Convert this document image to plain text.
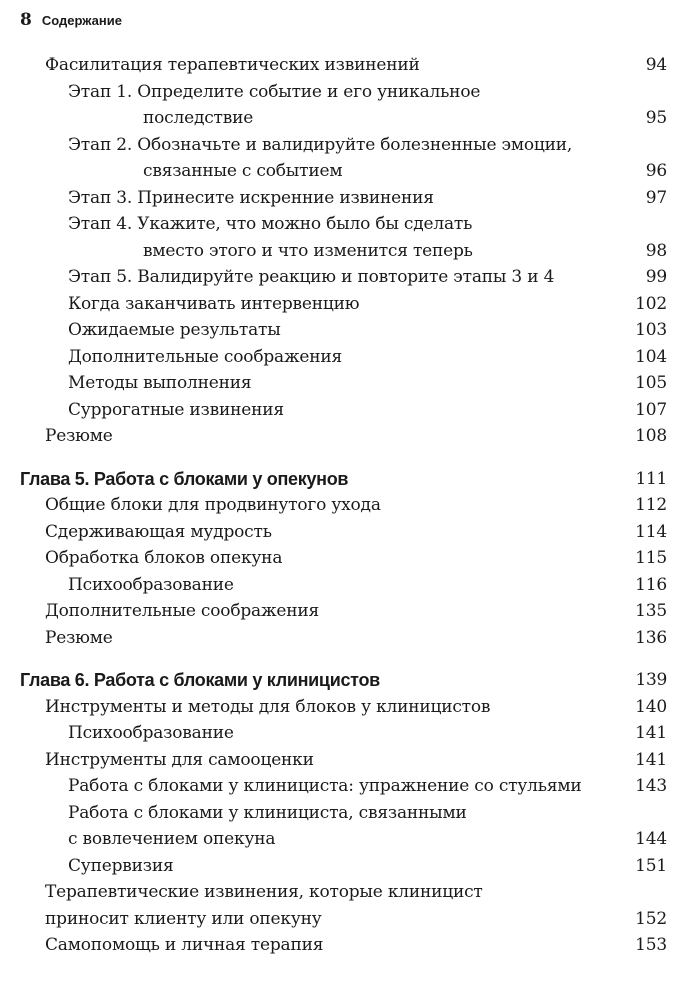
8 Содержание
Фасилитация терапевтических извинений	94
Этап 1. Определите событие и его уникальное
последствие	95
Этап 2. Обозначьте и валидируйте болезненные эмоции,
связанные с событием	96
Этап 3. Принесите искренние извинения	97
Этап 4. Укажите, что можно было бы сделать
вместо этого и что изменится теперь	98
Этап 5. Валидируйте реакцию и повторите этапы 3 и 4	99
Когда заканчивать интервенцию	102
Ожидаемые результаты	103
Дополнительные соображения	104
Методы выполнения	105
Суррогатные извинения	107
Резюме	108
Глава 5. Работа с блоками у опекунов	111
Общие блоки для продвинутого ухода	112
Сдерживающая мудрость	114
Обработка блоков опекуна	115
Психообразование	116
Дополнительные соображения	135
Резюме	136
Глава 6. Работа с блоками у клиницистов	139
Инструменты и методы для блоков у клиницистов	140
Психообразование	141
Инструменты для самооценки	141
Работа с блоками у клинициста: упражнение со стульями	143
Работа с блоками у клинициста, связанными
с вовлечением опекуна	144
Супервизия	151
Терапевтические извинения, которые клиницист
приносит клиенту или опекуну	152
Самопомощь и личная терапия	153
